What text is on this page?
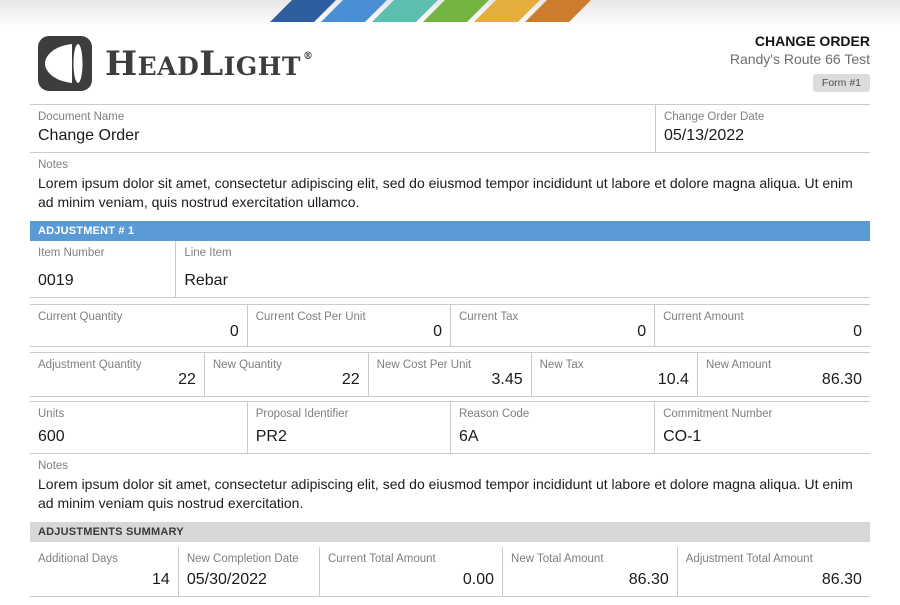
H EAD L IGHT ®
CHANGE ORDER
Randy's Route 66 Test
Form #1
Document Name
Change Order
Change Order Date
05/13/2022
Notes
Lorem ipsum dolor sit amet, consectetur adipiscing elit, sed do eiusmod tempor incididunt ut labore et dolore magna aliqua. Ut enim ad minim veniam, quis nostrud exercitation ullamco.
ADJUSTMENT # 1
Item Number
0019
Line Item
Rebar
Current Quantity
0
Current Cost Per Unit
0
Current Tax
0
Current Amount
0
Adjustment Quantity
22
New Quantity
22
New Cost Per Unit
3.45
New Tax
10.4
New Amount
86.30
Units
600
Proposal Identifier
PR2
Reason Code
6A
Commitment Number
CO-1
Notes
Lorem ipsum dolor sit amet, consectetur adipiscing elit, sed do eiusmod tempor incididunt ut labore et dolore magna aliqua. Ut enim ad minim veniam quis nostrud exercitation.
ADJUSTMENTS SUMMARY
Additional Days
14
New Completion Date
05/30/2022
Current Total Amount
0.00
New Total Amount
86.30
Adjustment Total Amount
86.30
